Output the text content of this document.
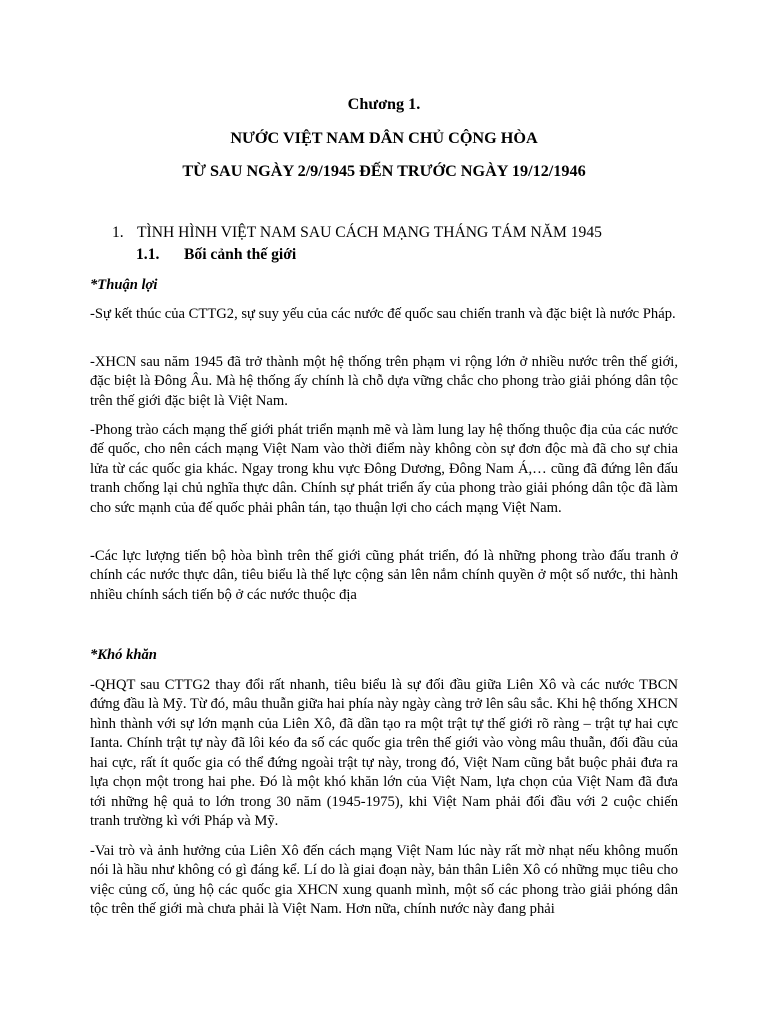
Chương 1.

NƯỚC VIỆT NAM DÂN CHỦ CỘNG HÒA

TỪ SAU NGÀY 2/9/1945 ĐẾN TRƯỚC NGÀY 19/12/1946

1. TÌNH HÌNH VIỆT NAM SAU CÁCH MẠNG THÁNG TÁM NĂM 1945

1.1. Bối cảnh thế giới

*Thuận lợi

-Sự kết thúc của CTTG2, sự suy yếu của các nước đế quốc sau chiến tranh và đặc biệt là nước Pháp.

-XHCN sau năm 1945 đã trở thành một hệ thống trên phạm vi rộng lớn ở nhiều nước trên thế giới, đặc biệt là Đông Âu. Mà hệ thống ấy chính là chỗ dựa vững chắc cho phong trào giải phóng dân tộc trên thế giới đặc biệt là Việt Nam.

-Phong trào cách mạng thế giới phát triển mạnh mẽ và làm lung lay hệ thống thuộc địa của các nước đế quốc, cho nên cách mạng Việt Nam vào thời điểm này không còn sự đơn độc mà đã cho sự chia lửa từ các quốc gia khác. Ngay trong khu vực Đông Dương, Đông Nam Á,… cũng đã đứng lên đấu tranh chống lại chủ nghĩa thực dân. Chính sự phát triển ấy của phong trào giải phóng dân tộc đã làm cho sức mạnh của đế quốc phải phân tán, tạo thuận lợi cho cách mạng Việt Nam.

-Các lực lượng tiến bộ hòa bình trên thế giới cũng phát triển, đó là những phong trào đấu tranh ở chính các nước thực dân, tiêu biểu là thế lực cộng sản lên nắm chính quyền ở một số nước, thi hành nhiều chính sách tiến bộ ở các nước thuộc địa

*Khó khăn

-QHQT sau CTTG2 thay đổi rất nhanh, tiêu biểu là sự đối đầu giữa Liên Xô và các nước TBCN đứng đầu là Mỹ. Từ đó, mâu thuẫn giữa hai phía này ngày càng trở lên sâu sắc. Khi hệ thống XHCN hình thành với sự lớn mạnh của Liên Xô, đã dần tạo ra một trật tự thế giới rõ ràng – trật tự hai cực Ianta. Chính trật tự này đã lôi kéo đa số các quốc gia trên thế giới vào vòng mâu thuẫn, đối đầu của hai cực, rất ít quốc gia có thể đứng ngoài trật tự này, trong đó, Việt Nam cũng bắt buộc phải đưa ra lựa chọn một trong hai phe. Đó là một khó khăn lớn của Việt Nam, lựa chọn của Việt Nam đã đưa tới những hệ quả to lớn trong 30 năm (1945-1975), khi Việt Nam phải đối đầu với 2 cuộc chiến tranh trường kì với Pháp và Mỹ.

-Vai trò và ảnh hưởng của Liên Xô đến cách mạng Việt Nam lúc này rất mờ nhạt nếu không muốn nói là hầu như không có gì đáng kể. Lí do là giai đoạn này, bản thân Liên Xô có những mục tiêu cho việc củng cố, ủng hộ các quốc gia XHCN xung quanh mình, một số các phong trào giải phóng dân tộc trên thế giới mà chưa phải là Việt Nam. Hơn nữa, chính nước này đang phải
